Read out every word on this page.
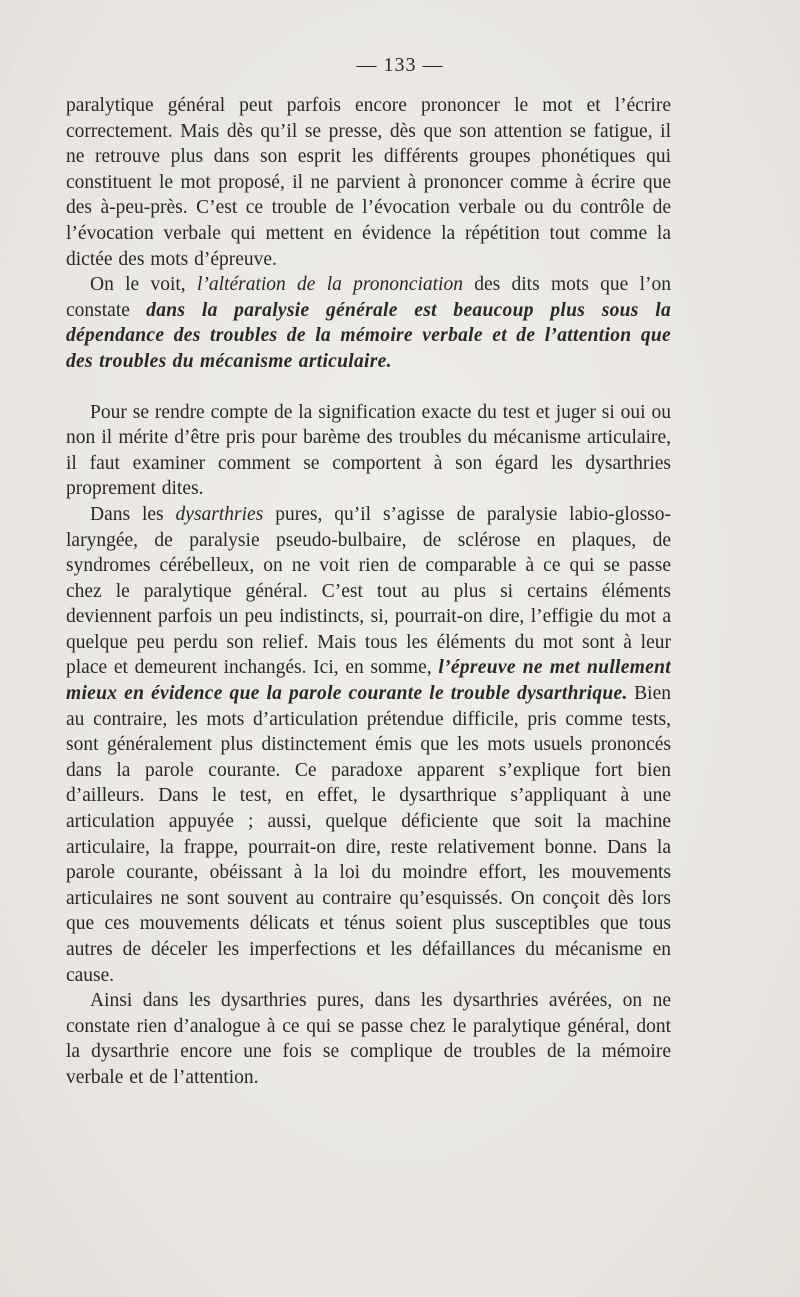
— 133 —

paralytique général peut parfois encore prononcer le mot et l’écrire correctement. Mais dès qu’il se presse, dès que son attention se fatigue, il ne retrouve plus dans son esprit les différents groupes phonétiques qui constituent le mot proposé, il ne parvient à prononcer comme à écrire que des à-peu-près. C’est ce trouble de l’évocation verbale ou du contrôle de l’évocation verbale qui mettent en évidence la répétition tout comme la dictée des mots d’épreuve.

On le voit, l’altération de la prononciation des dits mots que l’on constate dans la paralysie générale est beaucoup plus sous la dépendance des troubles de la mémoire verbale et de l’attention que des troubles du mécanisme articulaire.

Pour se rendre compte de la signification exacte du test et juger si oui ou non il mérite d’être pris pour barème des troubles du mécanisme articulaire, il faut examiner comment se comportent à son égard les dysarthries proprement dites.

Dans les dysarthries pures, qu’il s’agisse de paralysie labio-glosso-laryngée, de paralysie pseudo-bulbaire, de sclérose en plaques, de syndromes cérébelleux, on ne voit rien de comparable à ce qui se passe chez le paralytique général. C’est tout au plus si certains éléments deviennent parfois un peu indistincts, si, pourrait-on dire, l’effigie du mot a quelque peu perdu son relief. Mais tous les éléments du mot sont à leur place et demeurent inchangés. Ici, en somme, l’épreuve ne met nullement mieux en évidence que la parole courante le trouble dysarthrique. Bien au contraire, les mots d’articulation prétendue difficile, pris comme tests, sont généralement plus distinctement émis que les mots usuels prononcés dans la parole courante. Ce paradoxe apparent s’explique fort bien d’ailleurs. Dans le test, en effet, le dysarthrique s’appliquant à une articulation appuyée ; aussi, quelque déficiente que soit la machine articulaire, la frappe, pourrait-on dire, reste relativement bonne. Dans la parole courante, obéissant à la loi du moindre effort, les mouvements articulaires ne sont souvent au contraire qu’esquissés. On conçoit dès lors que ces mouvements délicats et ténus soient plus susceptibles que tous autres de déceler les imperfections et les défaillances du mécanisme en cause.

Ainsi dans les dysarthries pures, dans les dysarthries avérées, on ne constate rien d’analogue à ce qui se passe chez le paralytique général, dont la dysarthrie encore une fois se complique de troubles de la mémoire verbale et de l’attention.
